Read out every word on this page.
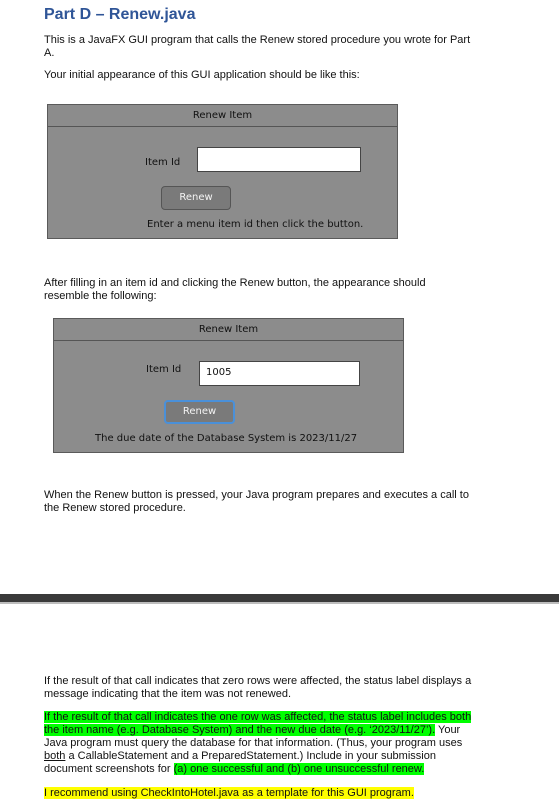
Part D – Renew.java
This is a JavaFX GUI program that calls the Renew stored procedure you wrote for Part
A.
Your initial appearance of this GUI application should be like this:
Renew Item
Item Id
Renew
Enter a menu item id then click the button.
After filling in an item id and clicking the Renew button, the appearance should
resemble the following:
Renew Item
Item Id	1005
Renew
The due date of the Database System is 2023/11/27
When the Renew button is pressed, your Java program prepares and executes a call to
the Renew stored procedure.
If the result of that call indicates that zero rows were affected, the status label displays a
message indicating that the item was not renewed.
If the result of that call indicates the one row was affected, the status label includes both
the item name (e.g. Database System) and the new due date (e.g. ‘2023/11/27’). Your
Java program must query the database for that information. (Thus, your program uses
both a CallableStatement and a PreparedStatement.) Include in your submission
document screenshots for (a) one successful and (b) one unsuccessful renew.
I recommend using CheckIntoHotel.java as a template for this GUI program.
